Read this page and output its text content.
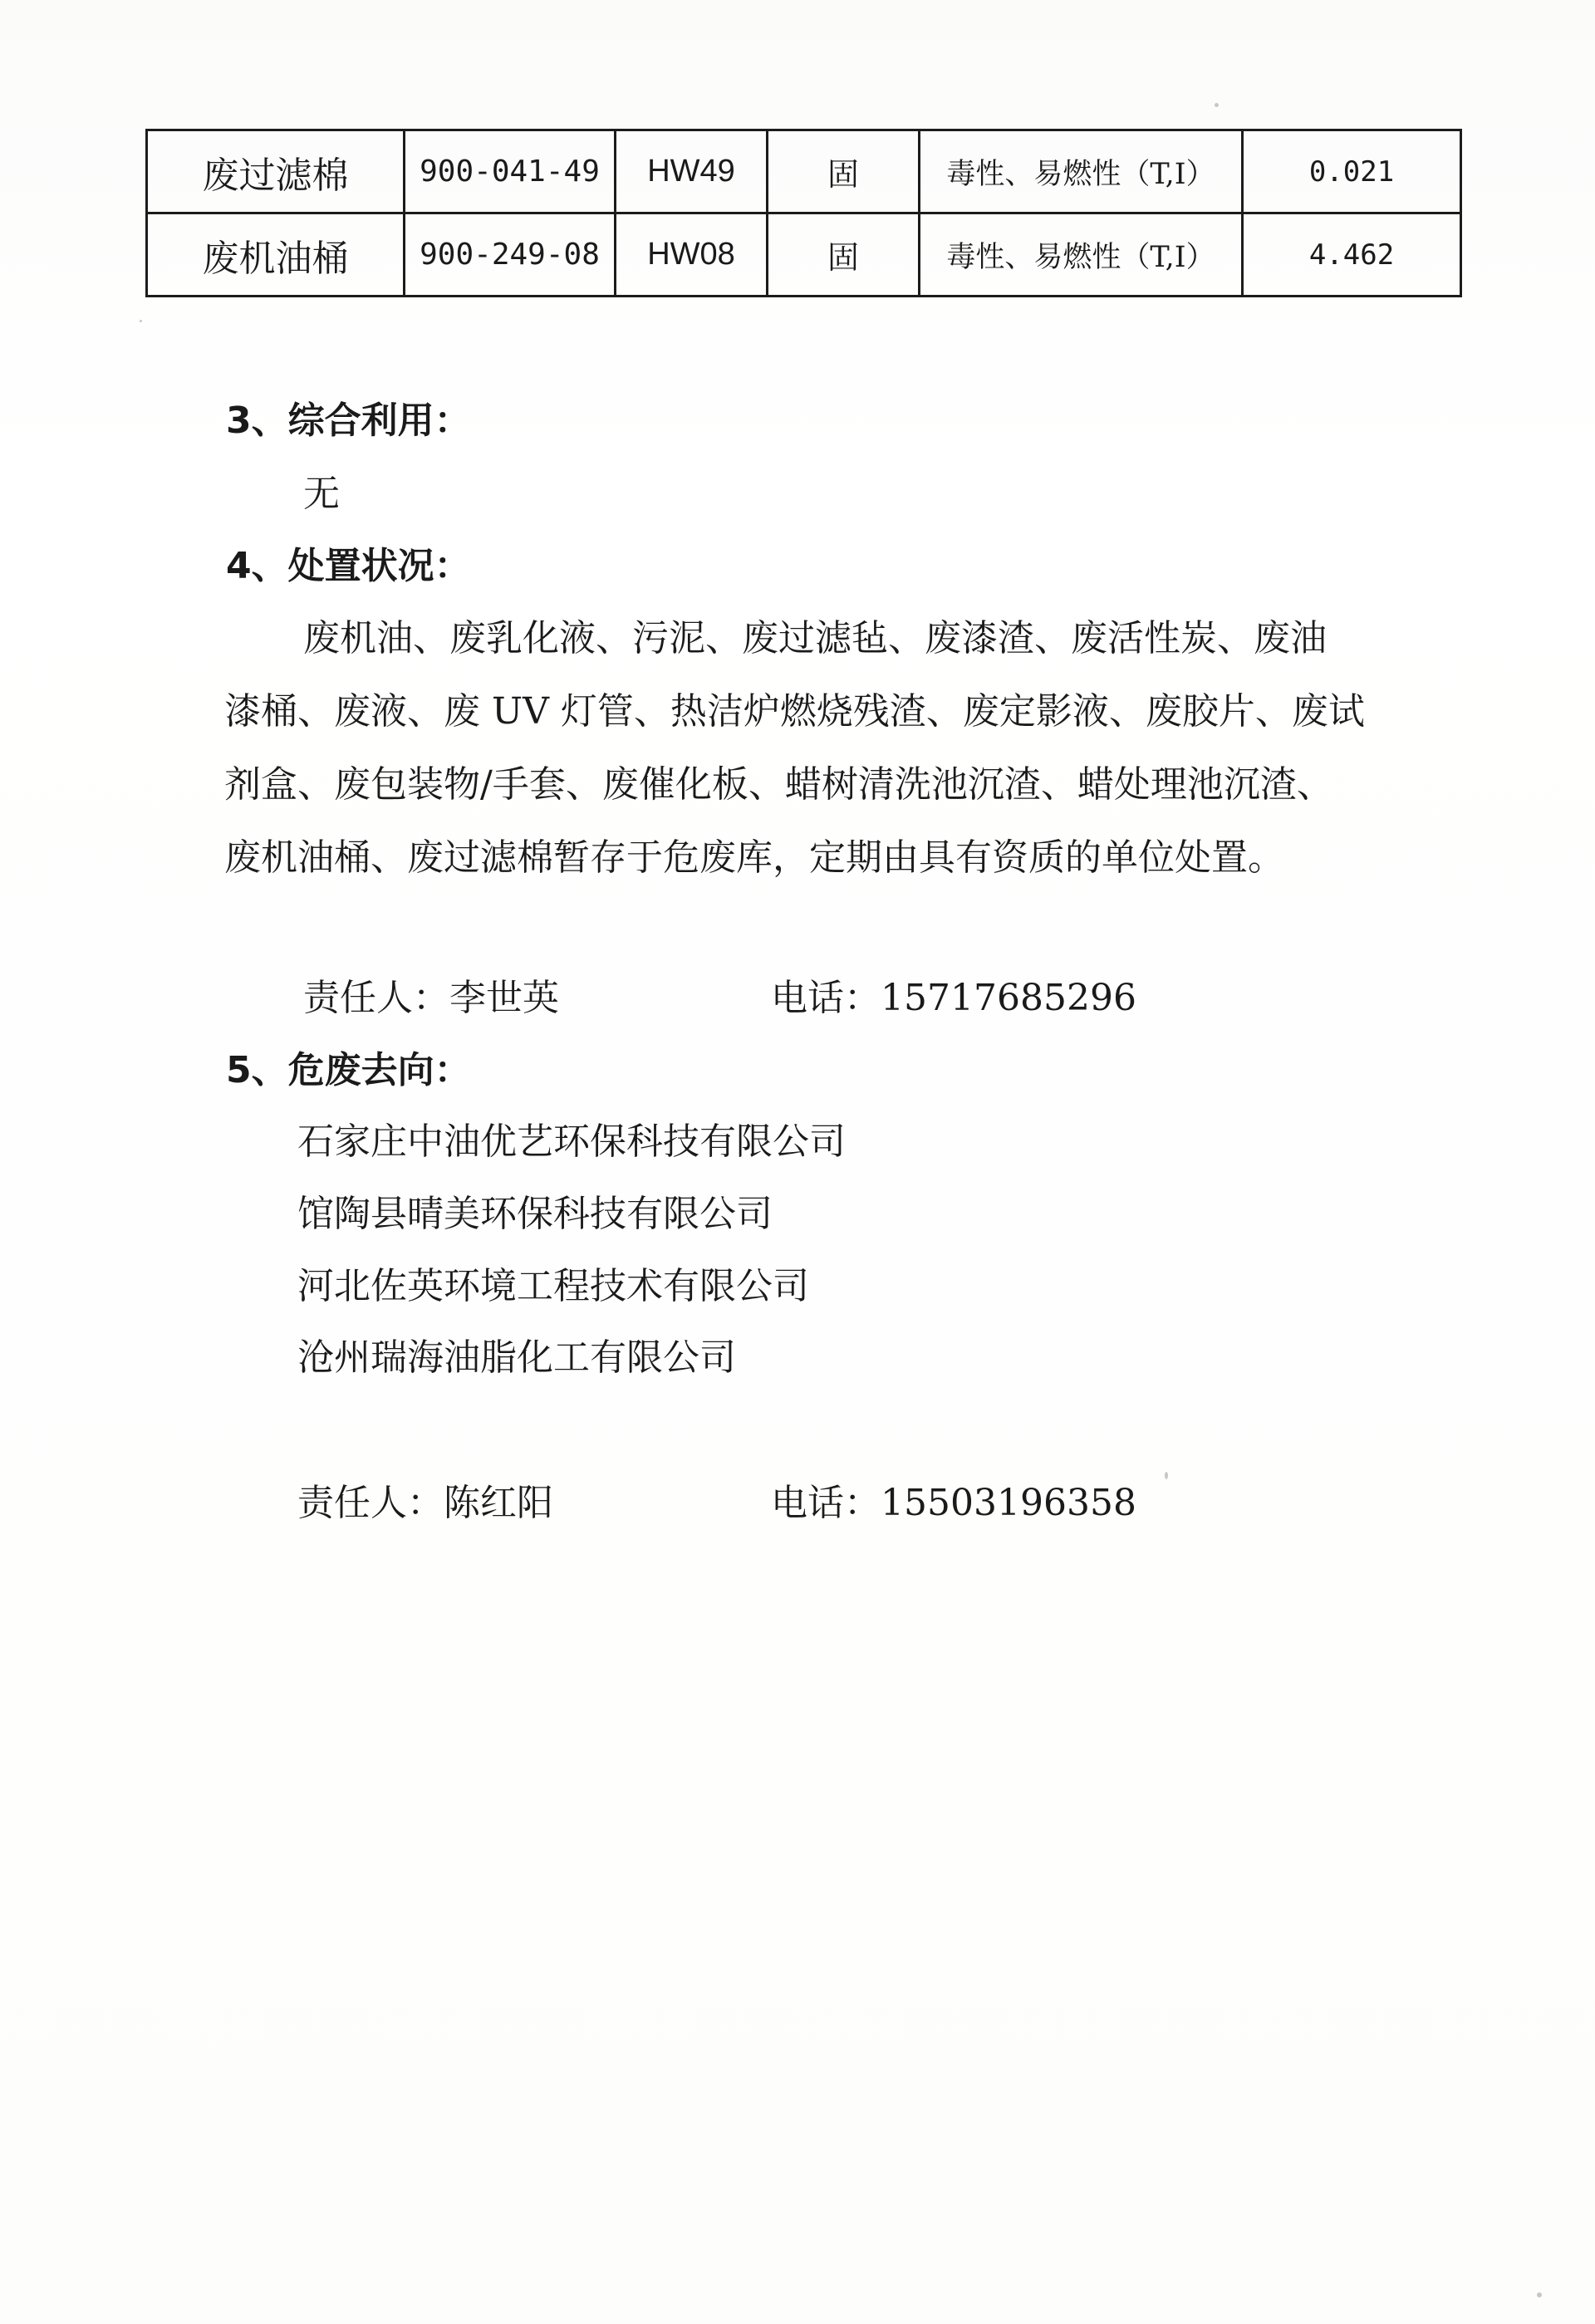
废过滤棉	900-041-49	HW49	固	毒性、易燃性（T,I）	0.021
废机油桶	900-249-08	HW08	固	毒性、易燃性（T,I）	4.462
3、综合利用：
无
4、处置状况：
废机油、废乳化液、污泥、废过滤毡、废漆渣、废活性炭、废油
漆桶、废液、废 UV 灯管、热洁炉燃烧残渣、废定影液、废胶片、废试
剂盒、废包装物/手套、废催化板、蜡树清洗池沉渣、蜡处理池沉渣、
废机油桶、废过滤棉暂存于危废库，定期由具有资质的单位处置。
责任人：李世英	电话：15717685296
5、危废去向：
石家庄中油优艺环保科技有限公司
馆陶县晴美环保科技有限公司
河北佐英环境工程技术有限公司
沧州瑞海油脂化工有限公司
责任人：陈红阳	电话：15503196358
